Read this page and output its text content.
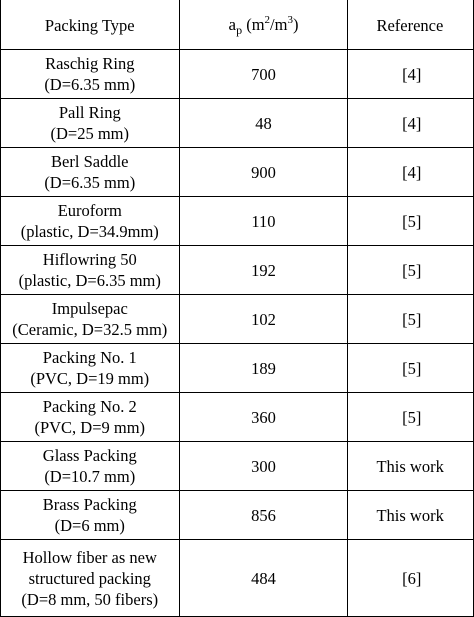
Packing Type	$a_p$ $(m^2/m^3)$	Reference

Raschig Ring
(D=6.35 mm)	700	[4]

Pall Ring
(D=25 mm)	48	[4]

Berl Saddle
(D=6.35 mm)	900	[4]

Euroform
(plastic, D=34.9mm)	110	[5]

Hiflowring 50
(plastic, D=6.35 mm)	192	[5]

Impulsepac
(Ceramic, D=32.5 mm)	102	[5]

Packing No. 1
(PVC, D=19 mm)	189	[5]

Packing No. 2
(PVC, D=9 mm)	360	[5]

Glass Packing
(D=10.7 mm)	300	This work

Brass Packing
(D=6 mm)	856	This work

Hollow fiber as new
structured packing
(D=8 mm, 50 fibers)	484	[6]
